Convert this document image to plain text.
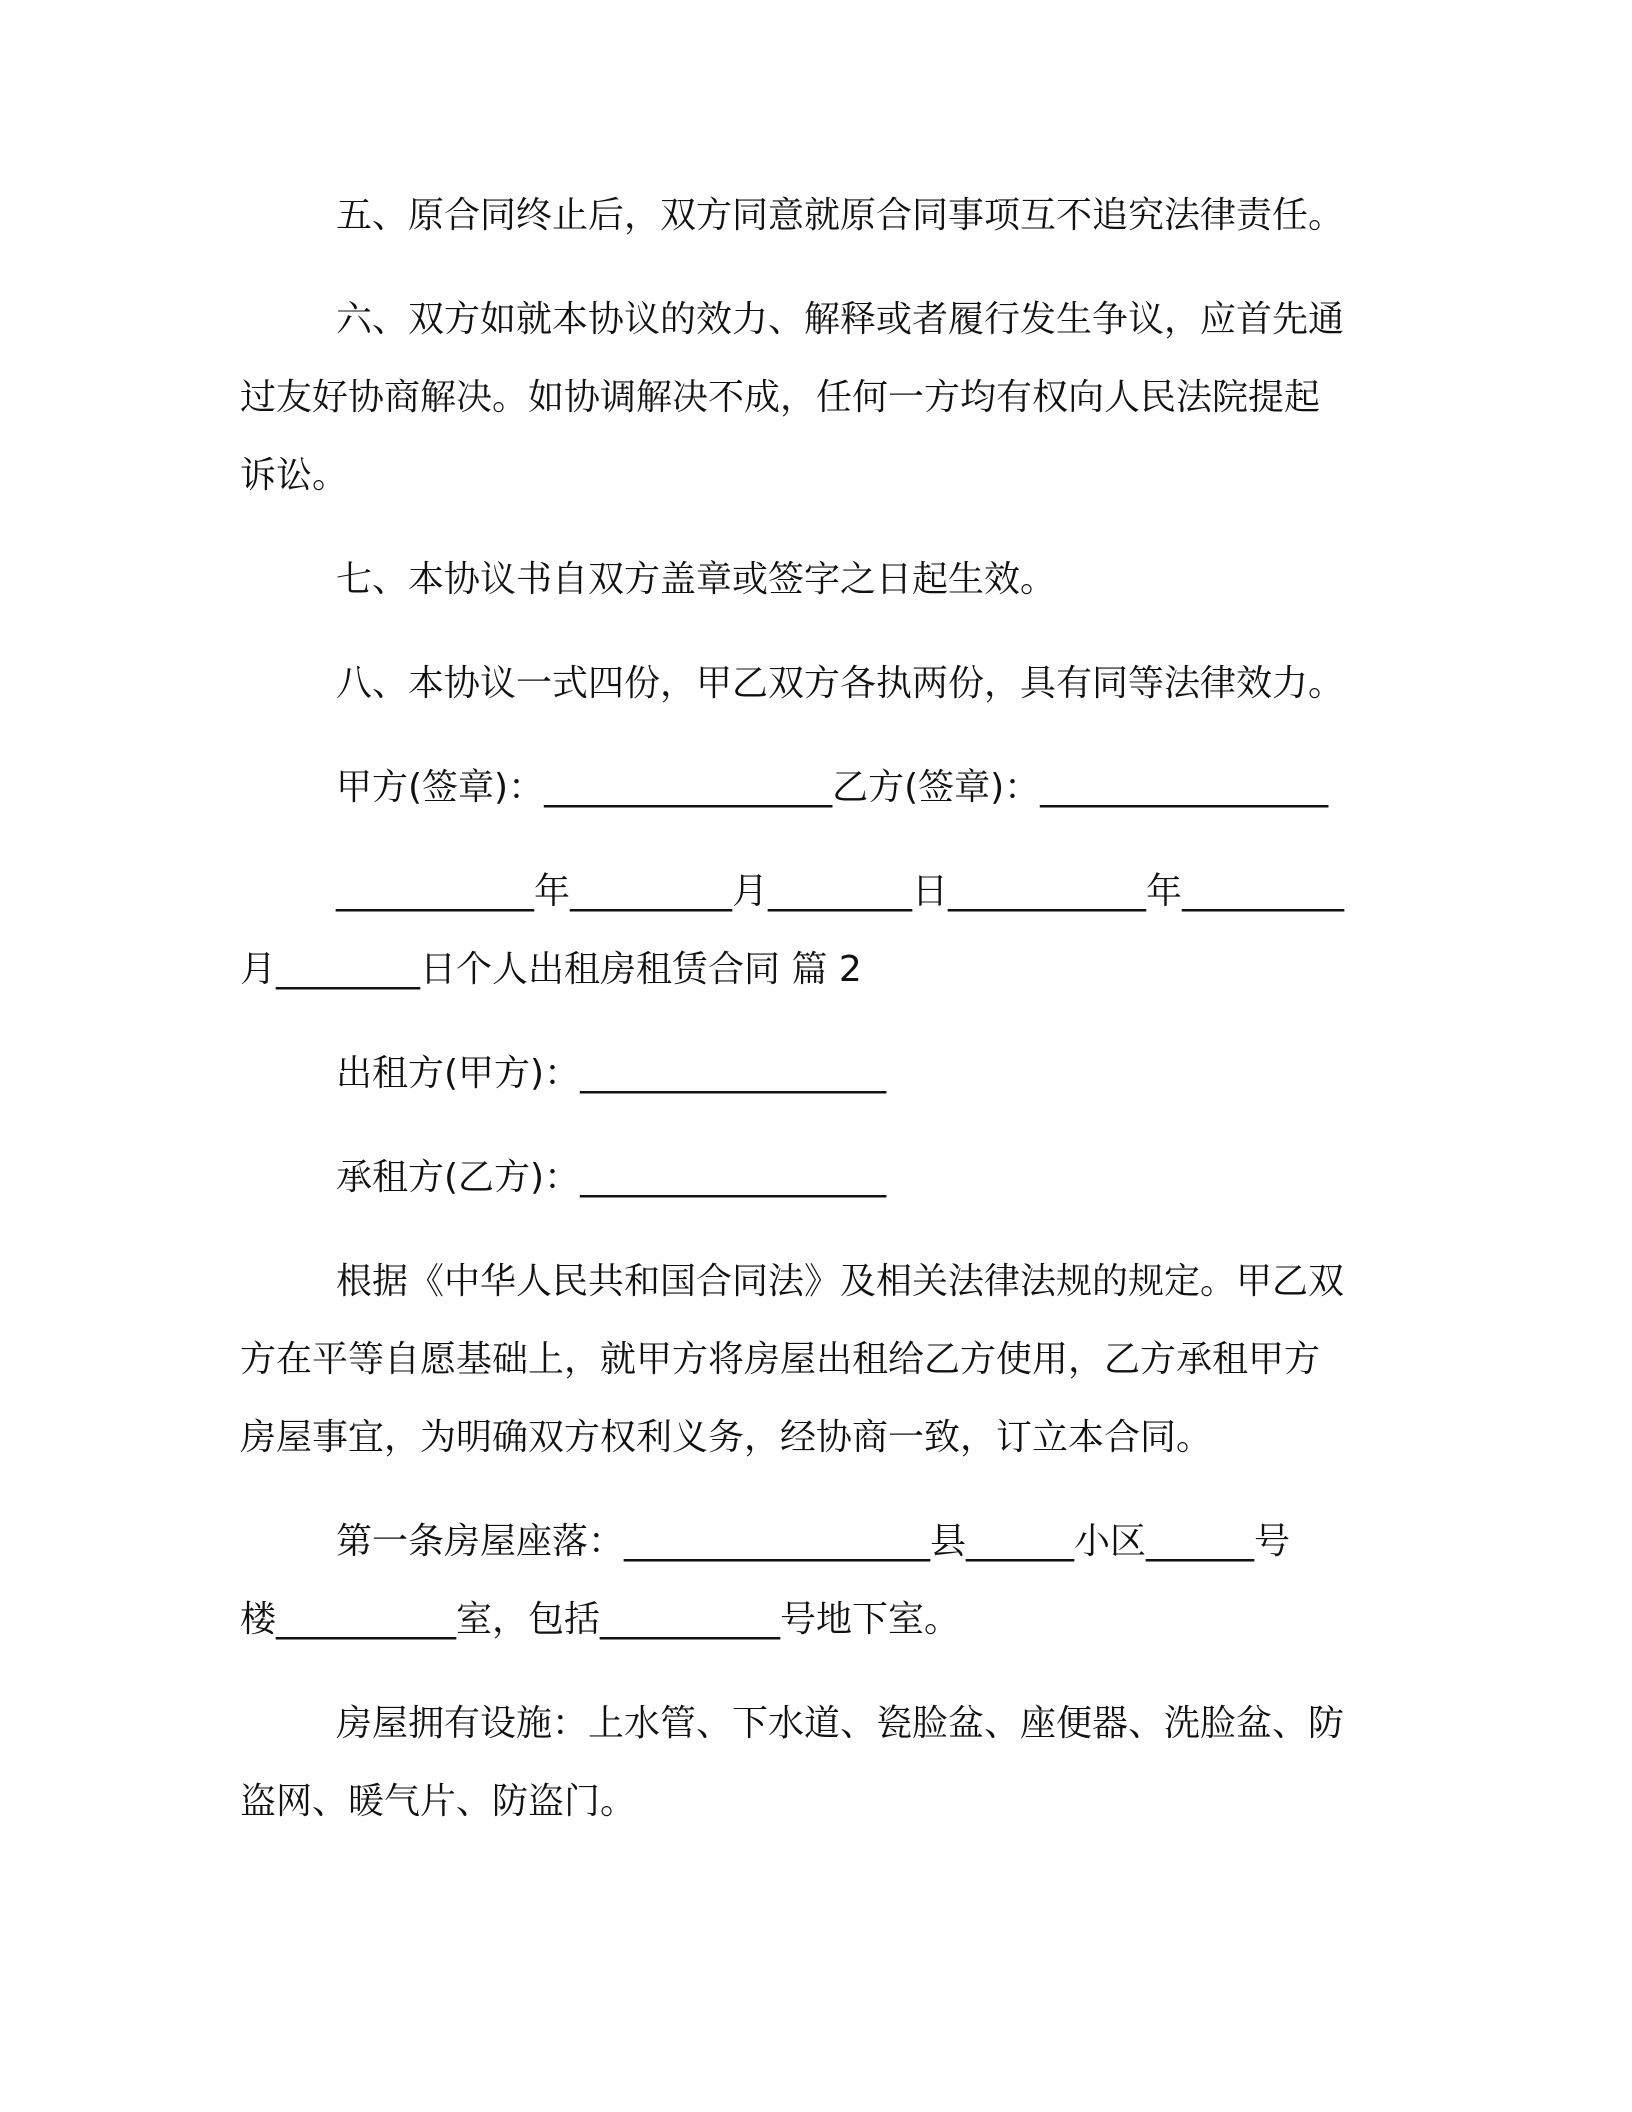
五、原合同终止后，双方同意就原合同事项互不追究法律责任。
六、双方如就本协议的效力、解释或者履行发生争议，应首先通
过友好协商解决。如协调解决不成，任何一方均有权向人民法院提起
诉讼。
七、本协议书自双方盖章或签字之日起生效。
八、本协议一式四份，甲乙双方各执两份，具有同等法律效力。
甲方(签章)：________________乙方(签章)：________________
___________年_________月________日___________年_________
月________日个人出租房租赁合同 篇 2
出租方(甲方)：_________________
承租方(乙方)：_________________
根据《中华人民共和国合同法》及相关法律法规的规定。甲乙双
方在平等自愿基础上，就甲方将房屋出租给乙方使用，乙方承租甲方
房屋事宜，为明确双方权利义务，经协商一致，订立本合同。
第一条房屋座落：_________________县______小区______号
楼__________室，包括__________号地下室。
房屋拥有设施：上水管、下水道、瓷脸盆、座便器、洗脸盆、防
盗网、暖气片、防盗门。
